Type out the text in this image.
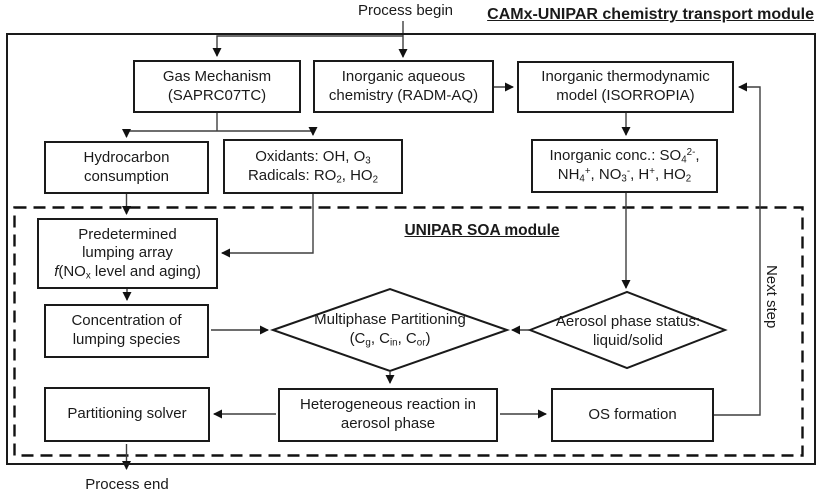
Process begin	CAMx-UNIPAR chemistry transport module
UNIPAR SOA module
Next step
Process end
Gas Mechanism
(SAPRC07TC)
Inorganic aqueous
chemistry (RADM-AQ)
Inorganic thermodynamic
model (ISORROPIA)
Hydrocarbon
consumption
Oxidants: OH, $O_3$
Radicals: $RO_2$, $HO_2$
Inorganic conc.: $SO_4^{2-}$,
$NH_4^+$, $NO_3^-$, H+, $HO_2$
Predetermined
lumping array
$f(NO_x$ level and aging)
Concentration of
lumping species
Partitioning solver
Heterogeneous reaction in
aerosol phase
OS formation
Multiphase Partitioning
($C_g$, $C_{in}$, $C_{or}$)
Aerosol phase status:
liquid/solid
